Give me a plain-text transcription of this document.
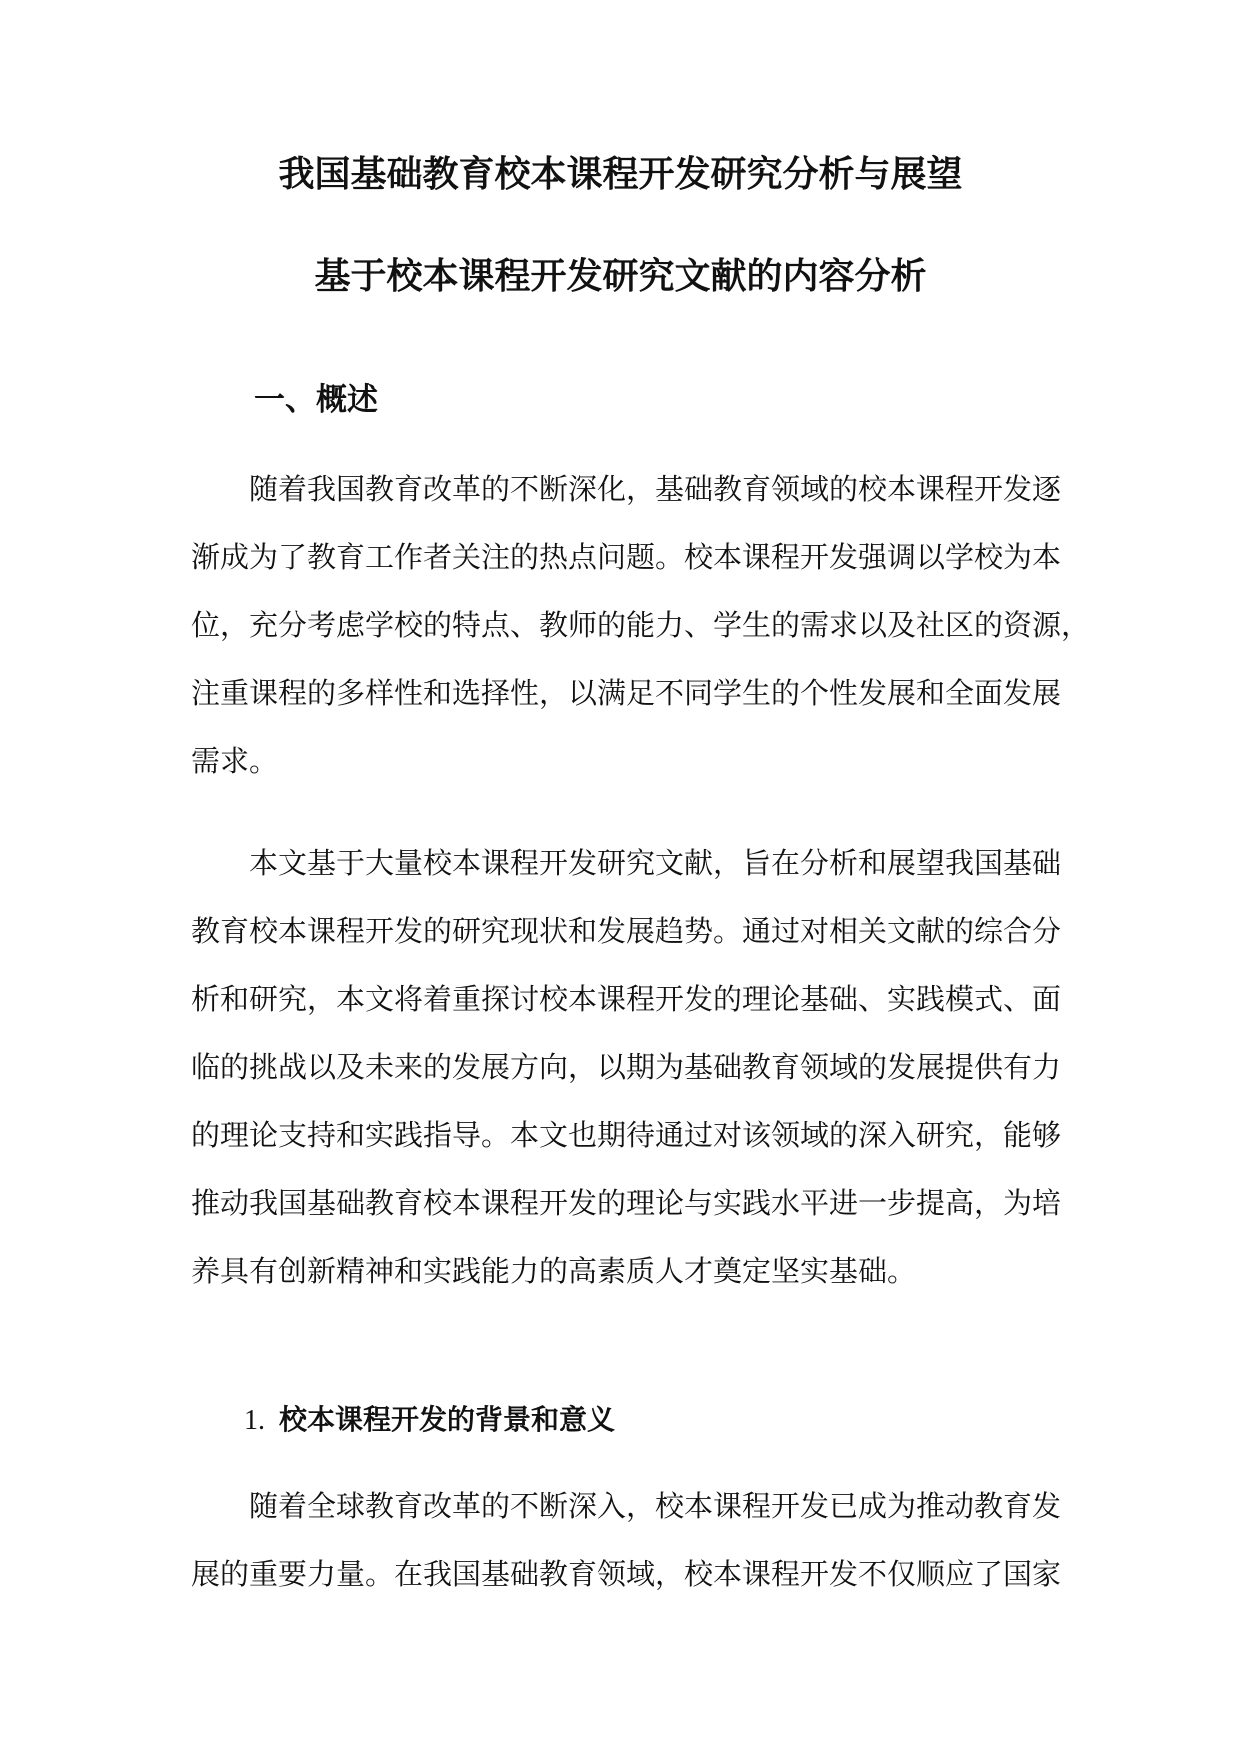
我国基础教育校本课程开发研究分析与展望
基于校本课程开发研究文献的内容分析
一、概述
随着我国教育改革的不断深化，基础教育领域的校本课程开发逐
渐成为了教育工作者关注的热点问题。校本课程开发强调以学校为本
位，充分考虑学校的特点、教师的能力、学生的需求以及社区的资源，
注重课程的多样性和选择性，以满足不同学生的个性发展和全面发展
需求。
本文基于大量校本课程开发研究文献，旨在分析和展望我国基础
教育校本课程开发的研究现状和发展趋势。通过对相关文献的综合分
析和研究，本文将着重探讨校本课程开发的理论基础、实践模式、面
临的挑战以及未来的发展方向，以期为基础教育领域的发展提供有力
的理论支持和实践指导。本文也期待通过对该领域的深入研究，能够
推动我国基础教育校本课程开发的理论与实践水平进一步提高，为培
养具有创新精神和实践能力的高素质人才奠定坚实基础。
1. 校本课程开发的背景和意义
随着全球教育改革的不断深入，校本课程开发已成为推动教育发
展的重要力量。在我国基础教育领域，校本课程开发不仅顺应了国家
